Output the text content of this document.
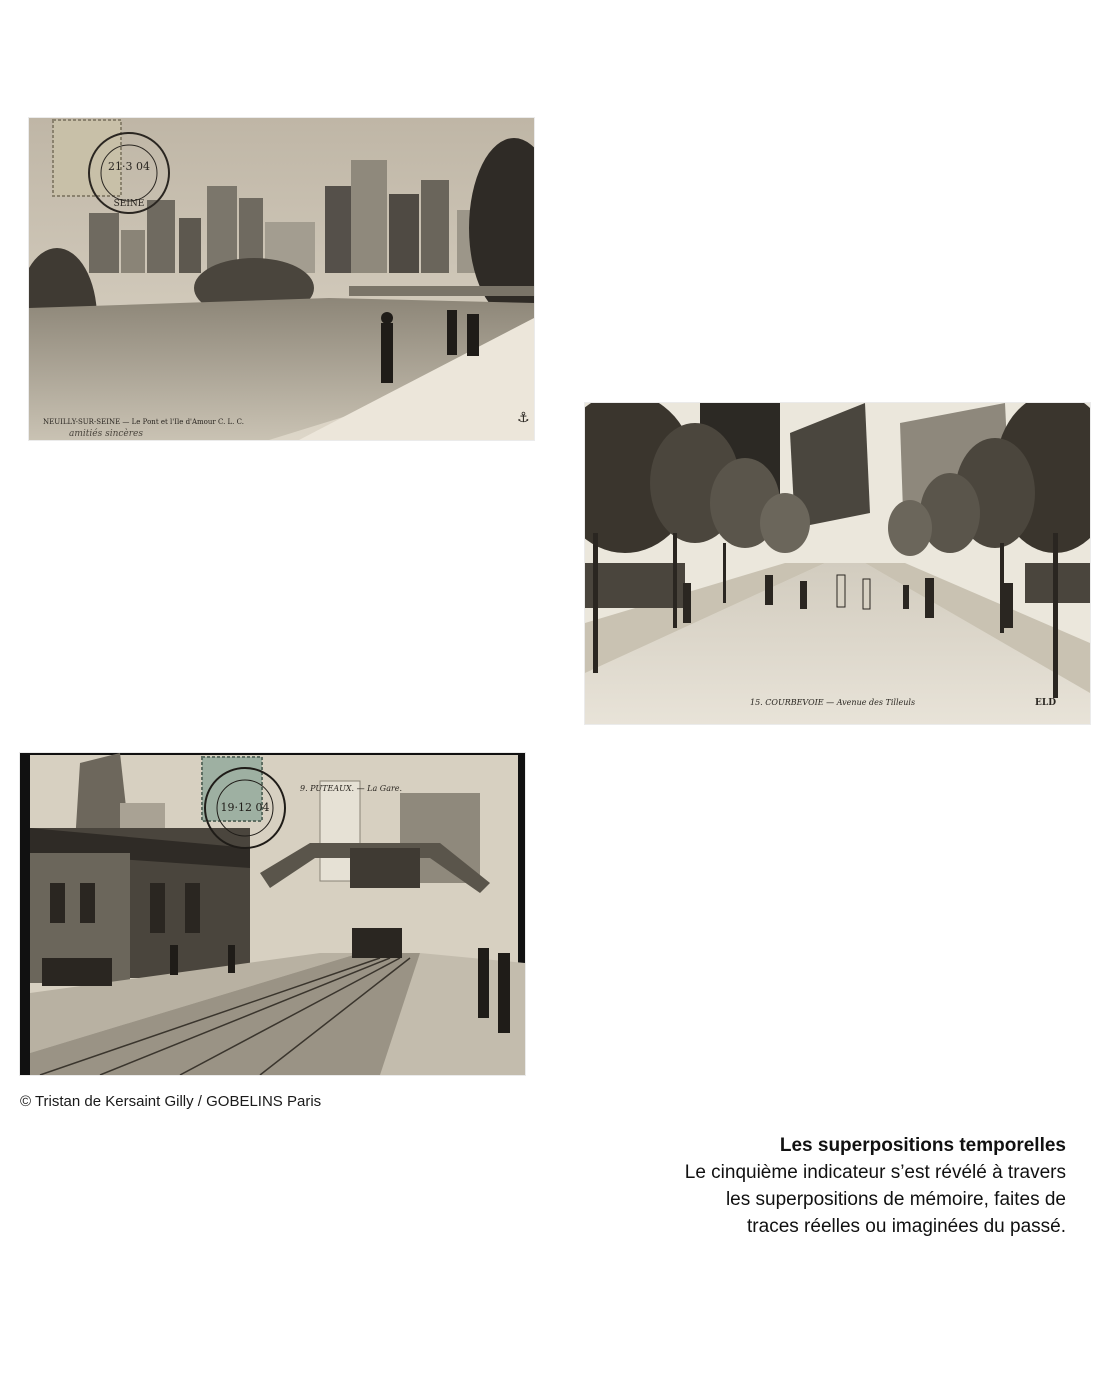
21·3 04
SEINE
NEUILLY-SUR-SEINE — Le Pont et l'Ile d'Amour C. L. C.
amitiés sincères
⚓
15. COURBEVOIE — Avenue des Tilleuls	ELD
19·12 04
9. PUTEAUX. — La Gare.
© Tristan de Kersaint Gilly / GOBELINS Paris
Les superpositions temporelles
Le cinquième indicateur s’est révélé à travers
les superpositions de mémoire, faites de
traces réelles ou imaginées du passé.
